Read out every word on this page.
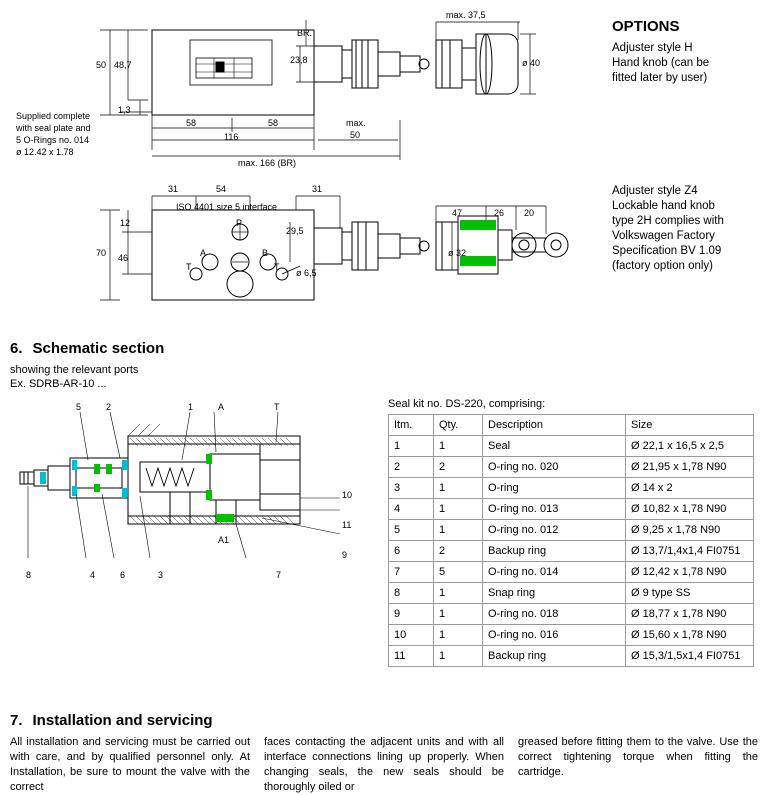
50 48,7
1,3
58	58
116
max.
50
max. 166 (BR)
BR.
23,8
max. 37,5
ø 40
Supplied complete
with seal plate and
5 O-Rings no. 014
ø 12.42 x 1.78
31	54	31
12
70 46
29,5
ø 6,5
47	26 20
ø 32
ISO 4401 size 5 interface
P
A	B
T	T
OPTIONS
Adjuster style H
Hand knob (can be
fitted later by user)
Adjuster style Z4
Lockable hand knob
type 2H complies with
Volkswagen Factory
Specification BV 1.09
(factory option only)
6. Schematic section
showing the relevant ports
Ex. SDRB-AR-10 ...
5	2	1	A	T
10
11
9
8	4	6	3	7
A1
Seal kit no. DS-220, comprising:
Itm.	Qty.	Description	Size
1	1	Seal	Ø 22,1 x 16,5 x 2,5
2	2	O-ring no. 020	Ø 21,95 x 1,78 N90
3	1	O-ring	Ø 14 x 2
4	1	O-ring no. 013	Ø 10,82 x 1,78 N90
5	1	O-ring no. 012	Ø 9,25 x 1,78 N90
6	2	Backup ring	Ø 13,7/1,4x1,4 FI0751
7	5	O-ring no. 014	Ø 12,42 x 1,78 N90
8	1	Snap ring	Ø 9 type SS
9	1	O-ring no. 018	Ø 18,77 x 1,78 N90
10	1	O-ring no. 016	Ø 15,60 x 1,78 N90
11	1	Backup ring	Ø 15,3/1,5x1,4 FI0751
7. Installation and servicing
All installation and servicing must be carried out with care, and by qualified personnel only. At Installation, be sure to mount the valve with the correct
faces contacting the adjacent units and with all interface connections lining up properly. When changing seals, the new seals should be thoroughly oiled or
greased before fitting them to the valve. Use the correct tightening torque when fitting the cartridge.
